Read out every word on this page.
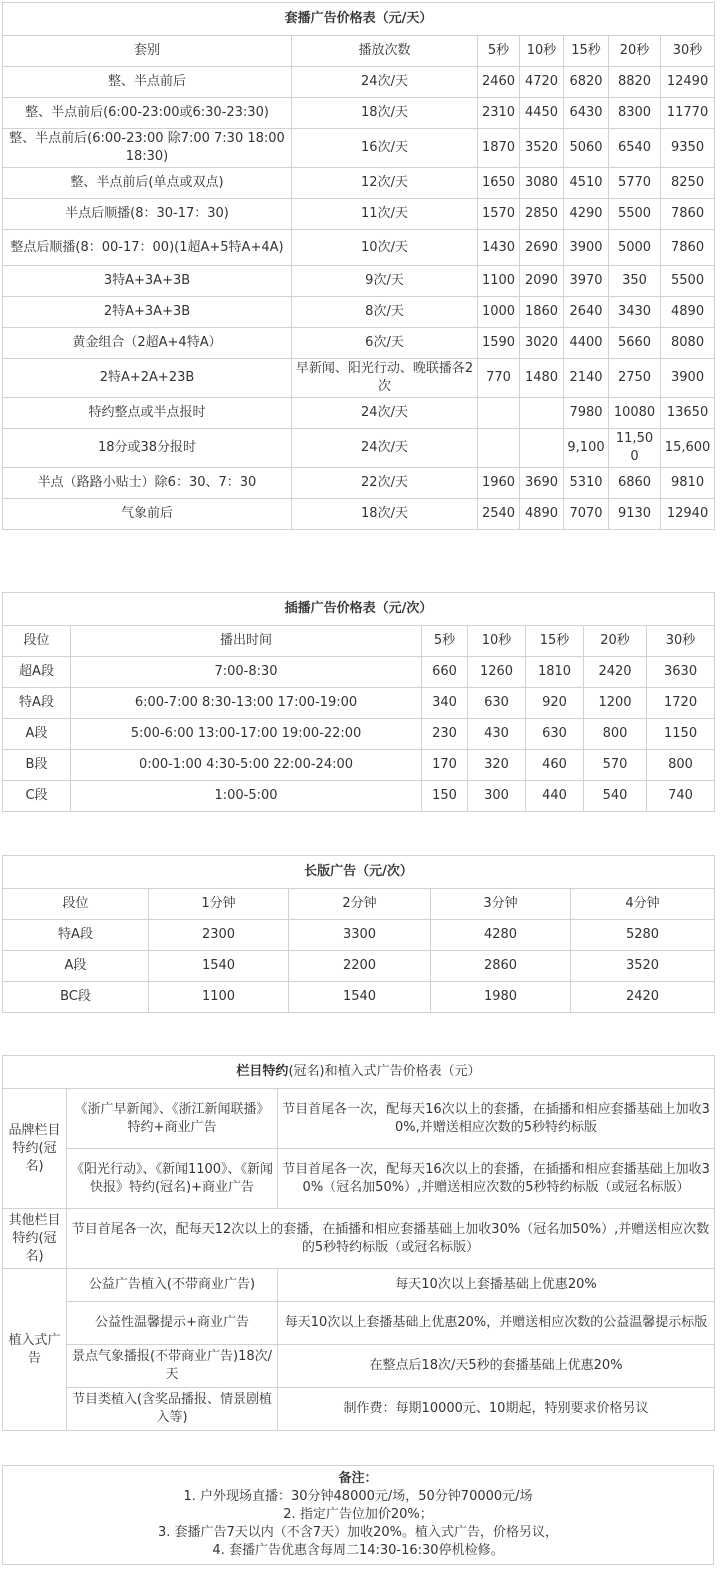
套播广告价格表（元/天）						
套别	播放次数	5秒	10秒	15秒	20秒	30秒
整、半点前后	24次/天	2460	4720	6820	8820	12490
整、半点前后(6:00-23:00或6:30-23:30)	18次/天	2310	4450	6430	8300	11770
整、半点前后(6:00-23:00 除7:00 7:30 18:00 18:30)	16次/天	1870	3520	5060	6540	9350
整、半点前后(单点或双点)	12次/天	1650	3080	4510	5770	8250
半点后顺播(8：30-17：30)	11次/天	1570	2850	4290	5500	7860
整点后顺播(8：00-17：00)(1超A+5特A+4A)	10次/天	1430	2690	3900	5000	7860
3特A+3A+3B	9次/天	1100	2090	3970	350	5500
2特A+3A+3B	8次/天	1000	1860	2640	3430	4890
黄金组合（2超A+4特A）	6次/天	1590	3020	4400	5660	8080
2特A+2A+23B	早新闻、阳光行动、晚联播各2次	770	1480	2140	2750	3900
特约整点或半点报时	24次/天			7980	10080	13650
18分或38分报时	24次/天			9,100	11,500	15,600
半点（路路小贴士）除6：30、7：30	22次/天	1960	3690	5310	6860	9810
气象前后	18次/天	2540	4890	7070	9130	12940
插播广告价格表（元/次）						
段位	播出时间	5秒	10秒	15秒	20秒	30秒
超A段	7:00-8:30	660	1260	1810	2420	3630
特A段	6:00-7:00 8:30-13:00 17:00-19:00	340	630	920	1200	1720
A段	5:00-6:00 13:00-17:00 19:00-22:00	230	430	630	800	1150
B段	0:00-1:00 4:30-5:00 22:00-24:00	170	320	460	570	800
C段	1:00-5:00	150	300	440	540	740
长版广告（元/次）				
段位	1分钟	2分钟	3分钟	4分钟
特A段	2300	3300	4280	5280
A段	1540	2200	2860	3520
BC段	1100	1540	1980	2420
栏目特约(冠名)和植入式广告价格表（元）		
品牌栏目特约(冠名)	《浙广早新闻》、《浙江新闻联播》特约+商业广告	节目首尾各一次，配每天16次以上的套播，在插播和相应套播基础上加收30%,并赠送相应次数的5秒特约标版
	《阳光行动》、《新闻1100》、《新闻快报》特约(冠名)+商业广告	节目首尾各一次，配每天16次以上的套播，在插播和相应套播基础上加收30%（冠名加50%）,并赠送相应次数的5秒特约标版（或冠名标版）
其他栏目特约(冠名)	节目首尾各一次，配每天12次以上的套播，在插播和相应套播基础上加收30%（冠名加50%）,并赠送相应次数的5秒特约标版（或冠名标版）	
植入式广告	公益广告植入(不带商业广告)	每天10次以上套播基础上优惠20%
	公益性温馨提示+商业广告	每天10次以上套播基础上优惠20%，并赠送相应次数的公益温馨提示标版
	景点气象播报(不带商业广告)18次/天	在整点后18次/天5秒的套播基础上优惠20%
	节目类植入(含奖品播报、情景剧植入等)	制作费：每期10000元、10期起，特别要求价格另议
备注：
1. 户外现场直播：30分钟48000元/场，50分钟70000元/场
2. 指定广告位加价20%；
3. 套播广告7天以内（不含7天）加收20%。植入式广告，价格另议，
4. 套播广告优惠含每周二14:30-16:30停机检修。
